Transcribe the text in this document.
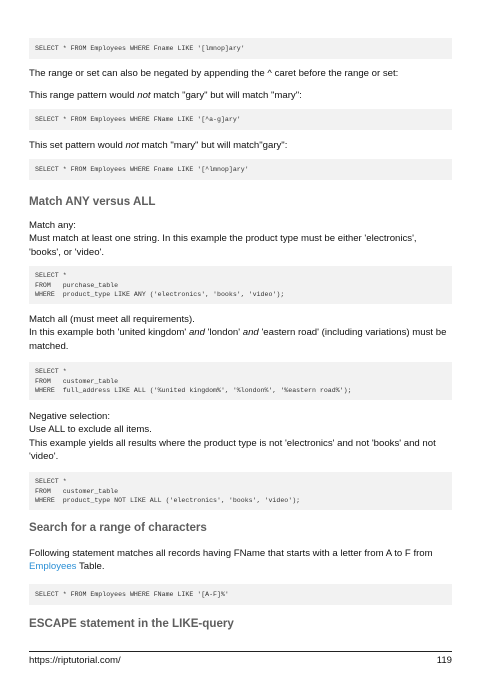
SELECT * FROM Employees WHERE Fname LIKE '[lmnop]ary'
The range or set can also be negated by appending the ^ caret before the range or set:
This range pattern would not match "gary" but will match "mary":
SELECT * FROM Employees WHERE FName LIKE '[^a-g]ary'
This set pattern would not match "mary" but will match"gary":
SELECT * FROM Employees WHERE Fname LIKE '[^lmnop]ary'
Match ANY versus ALL
Match any:
Must match at least one string. In this example the product type must be either 'electronics',
'books', or 'video'.
SELECT *
FROM   purchase_table
WHERE  product_type LIKE ANY ('electronics', 'books', 'video');
Match all (must meet all requirements).
In this example both 'united kingdom' and 'london' and 'eastern road' (including variations) must be
matched.
SELECT *
FROM   customer_table
WHERE  full_address LIKE ALL ('%united kingdom%', '%london%', '%eastern road%');
Negative selection:
Use ALL to exclude all items.
This example yields all results where the product type is not 'electronics' and not 'books' and not
'video'.
SELECT *
FROM   customer_table
WHERE  product_type NOT LIKE ALL ('electronics', 'books', 'video');
Search for a range of characters
Following statement matches all records having FName that starts with a letter from A to F from
Employees Table.
SELECT * FROM Employees WHERE FName LIKE '[A-F]%'
ESCAPE statement in the LIKE-query
https://riptutorial.com/	119
